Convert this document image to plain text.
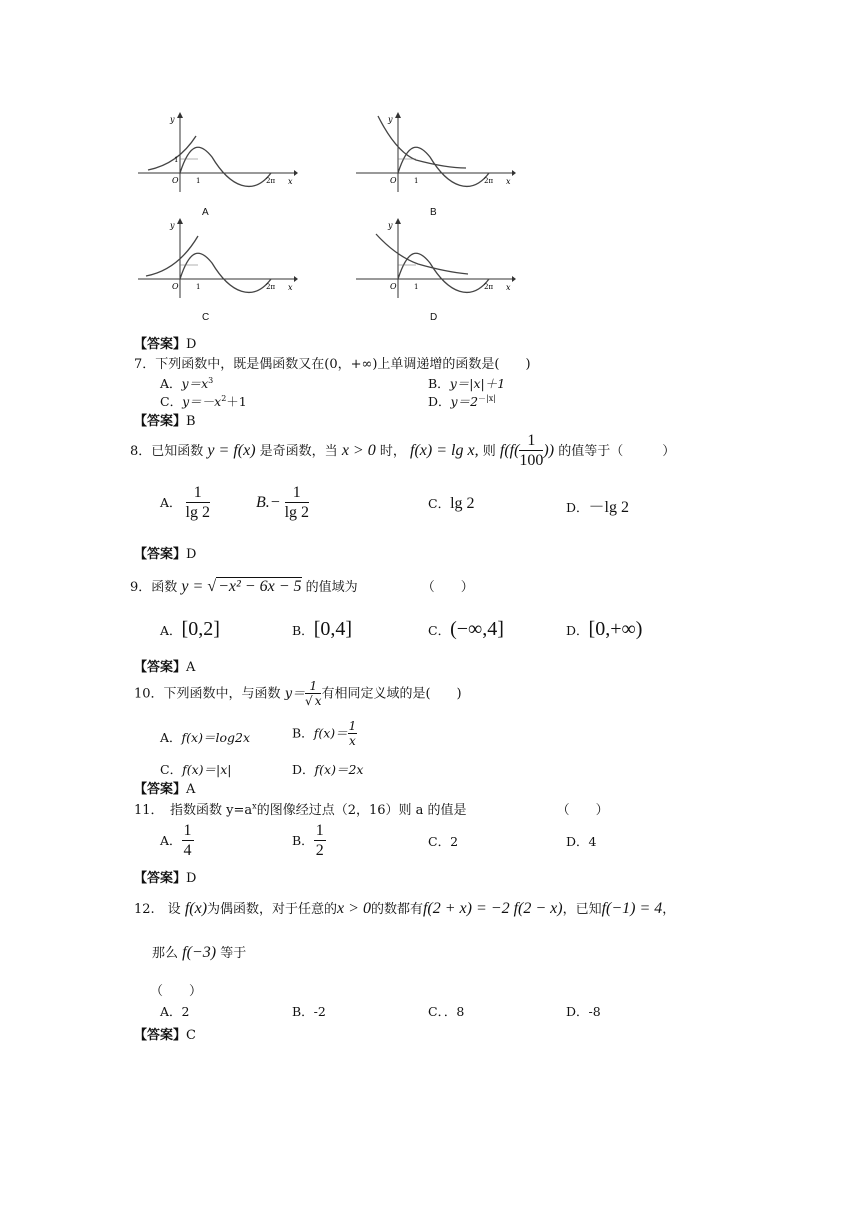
y
x
O 1
1
2π
A
y
x
O 1	2π
B
y
x
O 1	2π
C
y
x
O 1	2π
D
【答案】D
7．下列函数中，既是偶函数又在(0，+∞)上单调递增的函数是(　　)
A．$y=x^3$	B．y＝|x|＋1
C．$y=-x^2+1$	D．$y=2^{-|x|}$
【答案】B
8．已知函数 y = f(x) 是奇函数，当 x > 0 时， f(x) = lg x, 则 $f(f( \frac{1}{100}$ )) 的值等于（　　　）
A． $\frac{1}{\lg 2}$	$B.- \frac{1}{\lg 2}$	C．lg 2	D．－lg 2
【答案】D
9．函数 y = √ −x² − 6x − 5 的值域为	（　　）
A．[0,2]	B．[0,4]	C．(−∞,4]	D．[0,+∞)
【答案】A
10．下列函数中，与函数 $y= \frac{1}{√ x}$ 有相同定义域的是(　　)
A．f(x)＝log2x	B．$f(x)= \frac{1}{x}$
C．f(x)＝|x|	D．f(x)＝2x
【答案】A
11．　指数函数 $y=a^x$的图像经过点（2，16）则 a 的值是	（　　）
A． $\frac{1}{4}$	B． $\frac{1}{2}$	C．2	D．4
【答案】D
12.　设 f(x)为偶函数，对于任意的x > 0的数都有f(2 + x) = −2 f(2 − x)，已知f(−1) = 4，
那么 f(−3) 等于
（　　）
A．2	B．-2	C．．8	D．-8
【答案】C
